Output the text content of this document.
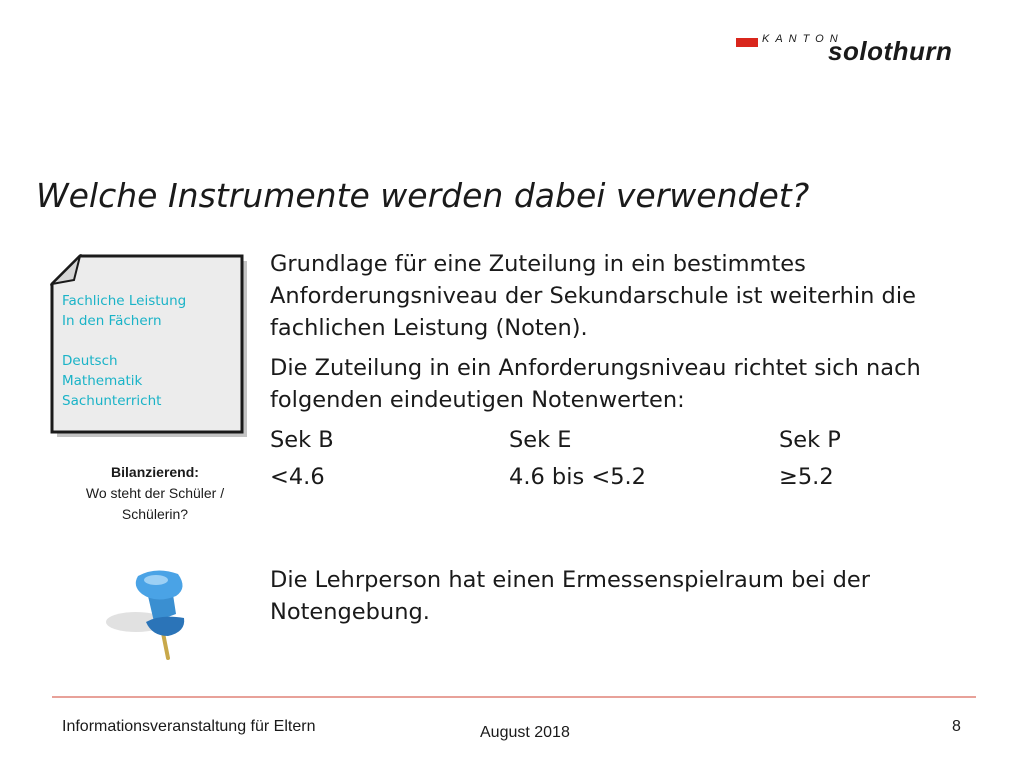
KANTON
solothurn
Welche Instrumente werden dabei verwendet?
Fachliche Leistung
In den Fächern
Deutsch
Mathematik
Sachunterricht
Bilanzierend:
Wo steht der Schüler /
Schülerin?

Grundlage für eine Zuteilung in ein bestimmtes Anforderungsniveau der Sekundarschule ist weiterhin die fachlichen Leistung (Noten).

Die Zuteilung in ein Anforderungsniveau richtet sich nach folgenden eindeutigen Notenwerten:

Sek B	Sek E	Sek P
<4.6	4.6 bis <5.2	≥5.2
Die Lehrperson hat einen Ermessenspielraum bei der Notengebung.
Informationsveranstaltung für Eltern	August 2018	8
